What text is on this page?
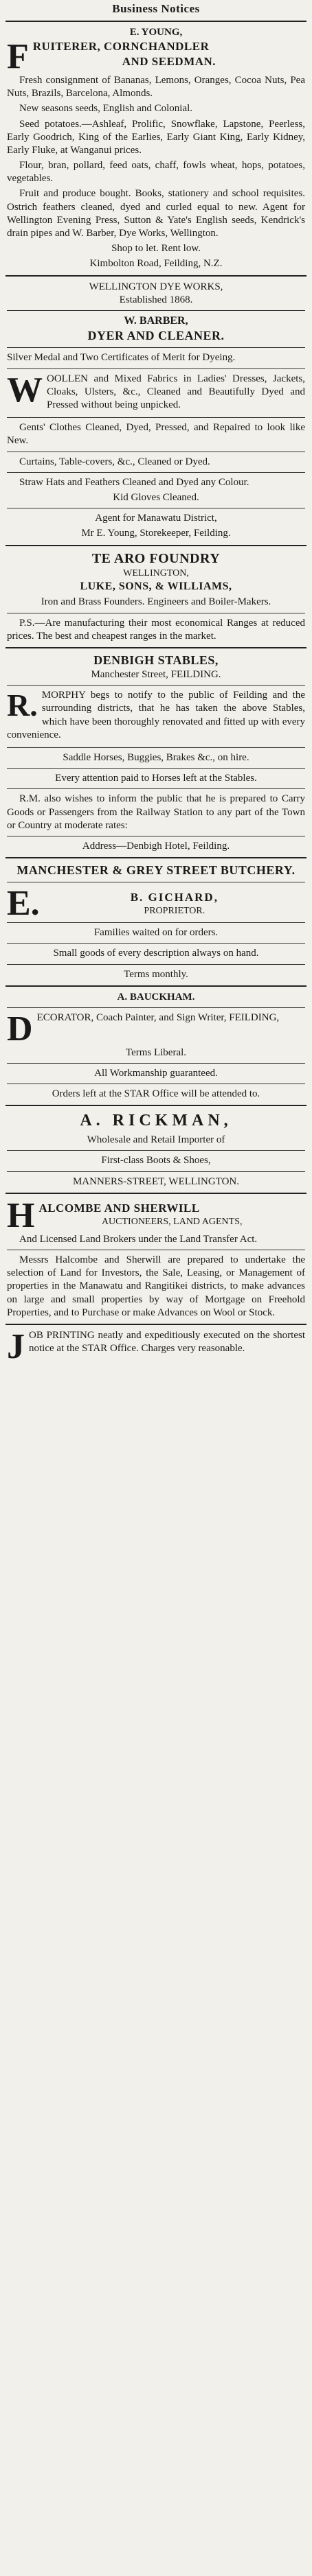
Business Notices
E. YOUNG,
F RUITERER, CORNCHANDLER
AND SEEDMAN.
Fresh consignment of Bananas, Lemons, Oranges, Cocoa Nuts, Pea Nuts, Brazils, Barcelona, Almonds.
New seasons seeds, English and Colonial.
Seed potatoes.—Ashleaf, Prolific, Snowflake, Lapstone, Peerless, Early Goodrich, King of the Earlies, Early Giant King, Early Kidney, Early Fluke, at Wanganui prices.
Flour, bran, pollard, feed oats, chaff, fowls wheat, hops, potatoes, vegetables.
Fruit and produce bought. Books, stationery and school requisites. Ostrich feathers cleaned, dyed and curled equal to new. Agent for Wellington Evening Press, Sutton & Yate's English seeds, Kendrick's drain pipes and W. Barber, Dye Works, Wellington.
Shop to let. Rent low.
Kimbolton Road, Feilding, N.Z.
WELLINGTON DYE WORKS,
Established 1868.
W. BARBER,
DYER AND CLEANER.
Silver Medal and Two Certificates of Merit for Dyeing.
W OOLLEN and Mixed Fabrics in Ladies' Dresses, Jackets, Cloaks, Ulsters, &c., Cleaned and Beautifully Dyed and Pressed without being unpicked.
Gents' Clothes Cleaned, Dyed, Pressed, and Repaired to look like New.
Curtains, Table-covers, &c., Cleaned or Dyed.
Straw Hats and Feathers Cleaned and Dyed any Colour.
Kid Gloves Cleaned.
Agent for Manawatu District,
Mr E. Young, Storekeeper, Feilding.
TE ARO FOUNDRY
WELLINGTON,
LUKE, SONS, & WILLIAMS,
Iron and Brass Founders. Engineers and Boiler-Makers.
P.S.—Are manufacturing their most economical Ranges at reduced prices. The best and cheapest ranges in the market.
DENBIGH STABLES,
Manchester Street, FEILDING.
R. MORPHY begs to notify to the public of Feilding and the surrounding districts, that he has taken the above Stables, which have been thoroughly renovated and fitted up with every convenience.
Saddle Horses, Buggies, Brakes &c., on hire.
Every attention paid to Horses left at the Stables.
R.M. also wishes to inform the public that he is prepared to Carry Goods or Passengers from the Railway Station to any part of the Town or Country at moderate rates:
Address—Denbigh Hotel, Feilding.
MANCHESTER & GREY STREET BUTCHERY.
E.	B. GICHARD,
PROPRIETOR.
Families waited on for orders.
Small goods of every description always on hand.
Terms monthly.
A. BAUCKHAM.
D ECORATOR, Coach Painter, and Sign Writer, FEILDING,
Terms Liberal.
All Workmanship guaranteed.
Orders left at the STAR Office will be attended to.
A. RICKMAN,
Wholesale and Retail Importer of
First-class Boots & Shoes,
MANNERS-STREET, WELLINGTON.
H ALCOMBE AND SHERWILL
AUCTIONEERS, LAND AGENTS,
And Licensed Land Brokers under the Land Transfer Act.
Messrs Halcombe and Sherwill are prepared to undertake the selection of Land for Investors, the Sale, Leasing, or Management of properties in the Manawatu and Rangitikei districts, to make advances on large and small properties by way of Mortgage on Freehold Properties, and to Purchase or make Advances on Wool or Stock.
J OB PRINTING neatly and expeditiously executed on the shortest notice at the STAR Office. Charges very reasonable.
